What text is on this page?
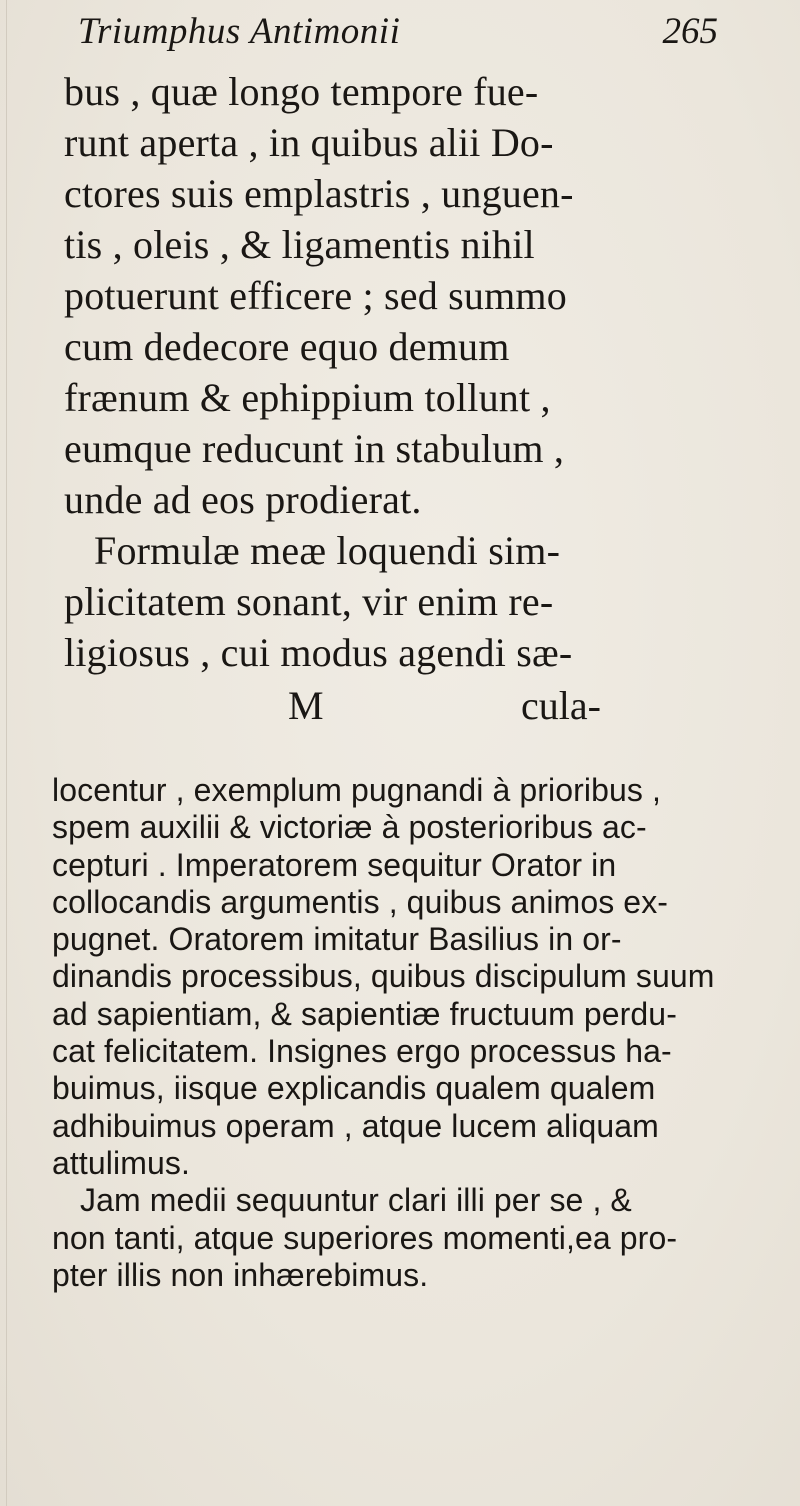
Triumphus Antimonii	265
bus , quæ longo tempore fue-
runt aperta , in quibus alii Do-
ctores suis emplastris , unguen-
tis , oleis , & ligamentis nihil
potuerunt efficere ; sed summo
cum dedecore equo demum
frænum & ephippium tollunt ,
eumque reducunt in stabulum ,
unde ad eos prodierat.
Formulæ meæ loquendi sim-
plicitatem sonant, vir enim re-
ligiosus , cui modus agendi sæ-
M	cula-
locentur , exemplum pugnandi à prioribus ,
spem auxilii & victoriæ à posterioribus ac-
cepturi . Imperatorem sequitur Orator in
collocandis argumentis , quibus animos ex-
pugnet. Oratorem imitatur Basilius in or-
dinandis processibus, quibus discipulum suum
ad sapientiam, & sapientiæ fructuum perdu-
cat felicitatem. Insignes ergo processus ha-
buimus, iisque explicandis qualem qualem
adhibuimus operam , atque lucem aliquam
attulimus.
Jam medii sequuntur clari illi per se , &
non tanti, atque superiores momenti,ea pro-
pter illis non inhærebimus.
